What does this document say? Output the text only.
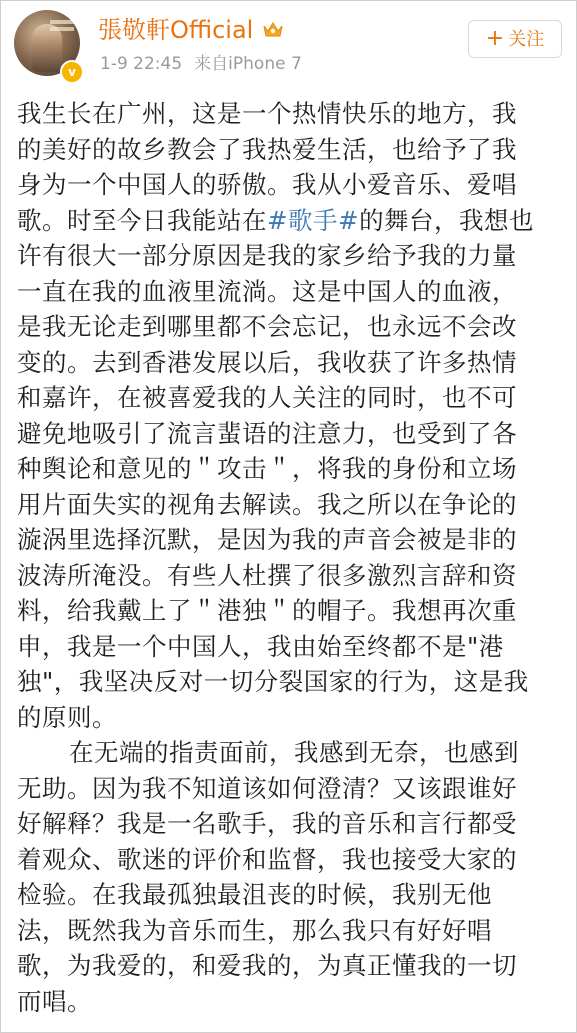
v
張敬軒Official
1-9 22:45 来自iPhone 7
+ 关注

我生长在广州，这是一个热情快乐的地方，我

的美好的故乡教会了我热爱生活，也给予了我

身为一个中国人的骄傲。我从小爱音乐、爱唱

歌。时至今日我能站在#歌手#的舞台，我想也

许有很大一部分原因是我的家乡给予我的力量

一直在我的血液里流淌。这是中国人的血液，

是我无论走到哪里都不会忘记，也永远不会改

变的。去到香港发展以后，我收获了许多热情

和嘉许，在被喜爱我的人关注的同时，也不可

避免地吸引了流言蜚语的注意力，也受到了各

种舆论和意见的＂攻击＂，将我的身份和立场

用片面失实的视角去解读。我之所以在争论的

漩涡里选择沉默，是因为我的声音会被是非的

波涛所淹没。有些人杜撰了很多激烈言辞和资

料，给我戴上了＂港独＂的帽子。我想再次重

申，我是一个中国人，我由始至终都不是"港

独"，我坚决反对一切分裂国家的行为，这是我

的原则。

在无端的指责面前，我感到无奈，也感到

无助。因为我不知道该如何澄清？又该跟谁好

好解释？我是一名歌手，我的音乐和言行都受

着观众、歌迷的评价和监督，我也接受大家的

检验。在我最孤独最沮丧的时候，我别无他

法，既然我为音乐而生，那么我只有好好唱

歌，为我爱的，和爱我的，为真正懂我的一切

而唱。
